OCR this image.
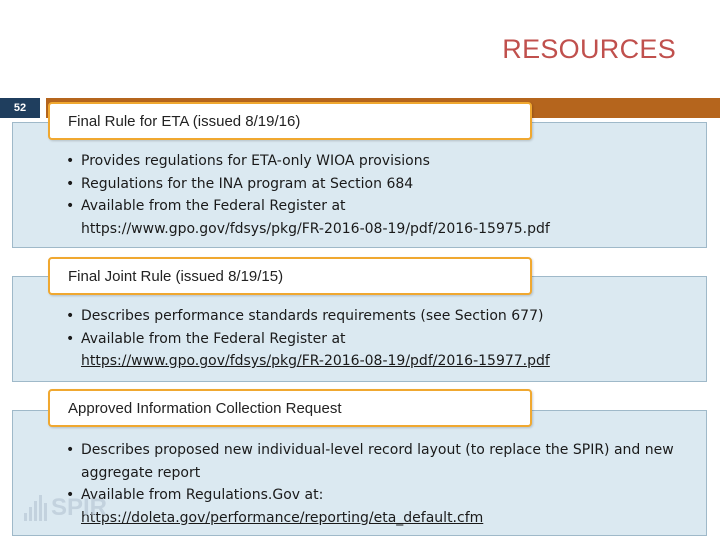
RESOURCES
52
Final Rule for ETA (issued 8/19/16)
• Provides regulations for ETA-only WIOA provisions
• Regulations for the INA program at Section 684
• Available from the Federal Register at
https://www.gpo.gov/fdsys/pkg/FR-2016-08-19/pdf/2016-15975.pdf
Final Joint Rule (issued 8/19/15)
• Describes performance standards requirements (see Section 677)
• Available from the Federal Register at
https://www.gpo.gov/fdsys/pkg/FR-2016-08-19/pdf/2016-15977.pdf
Approved Information Collection Request
• Describes proposed new individual-level record layout (to replace the SPIR) and new aggregate report
• Available from Regulations.Gov at:
https://doleta.gov/performance/reporting/eta_default.cfm
SPIR
